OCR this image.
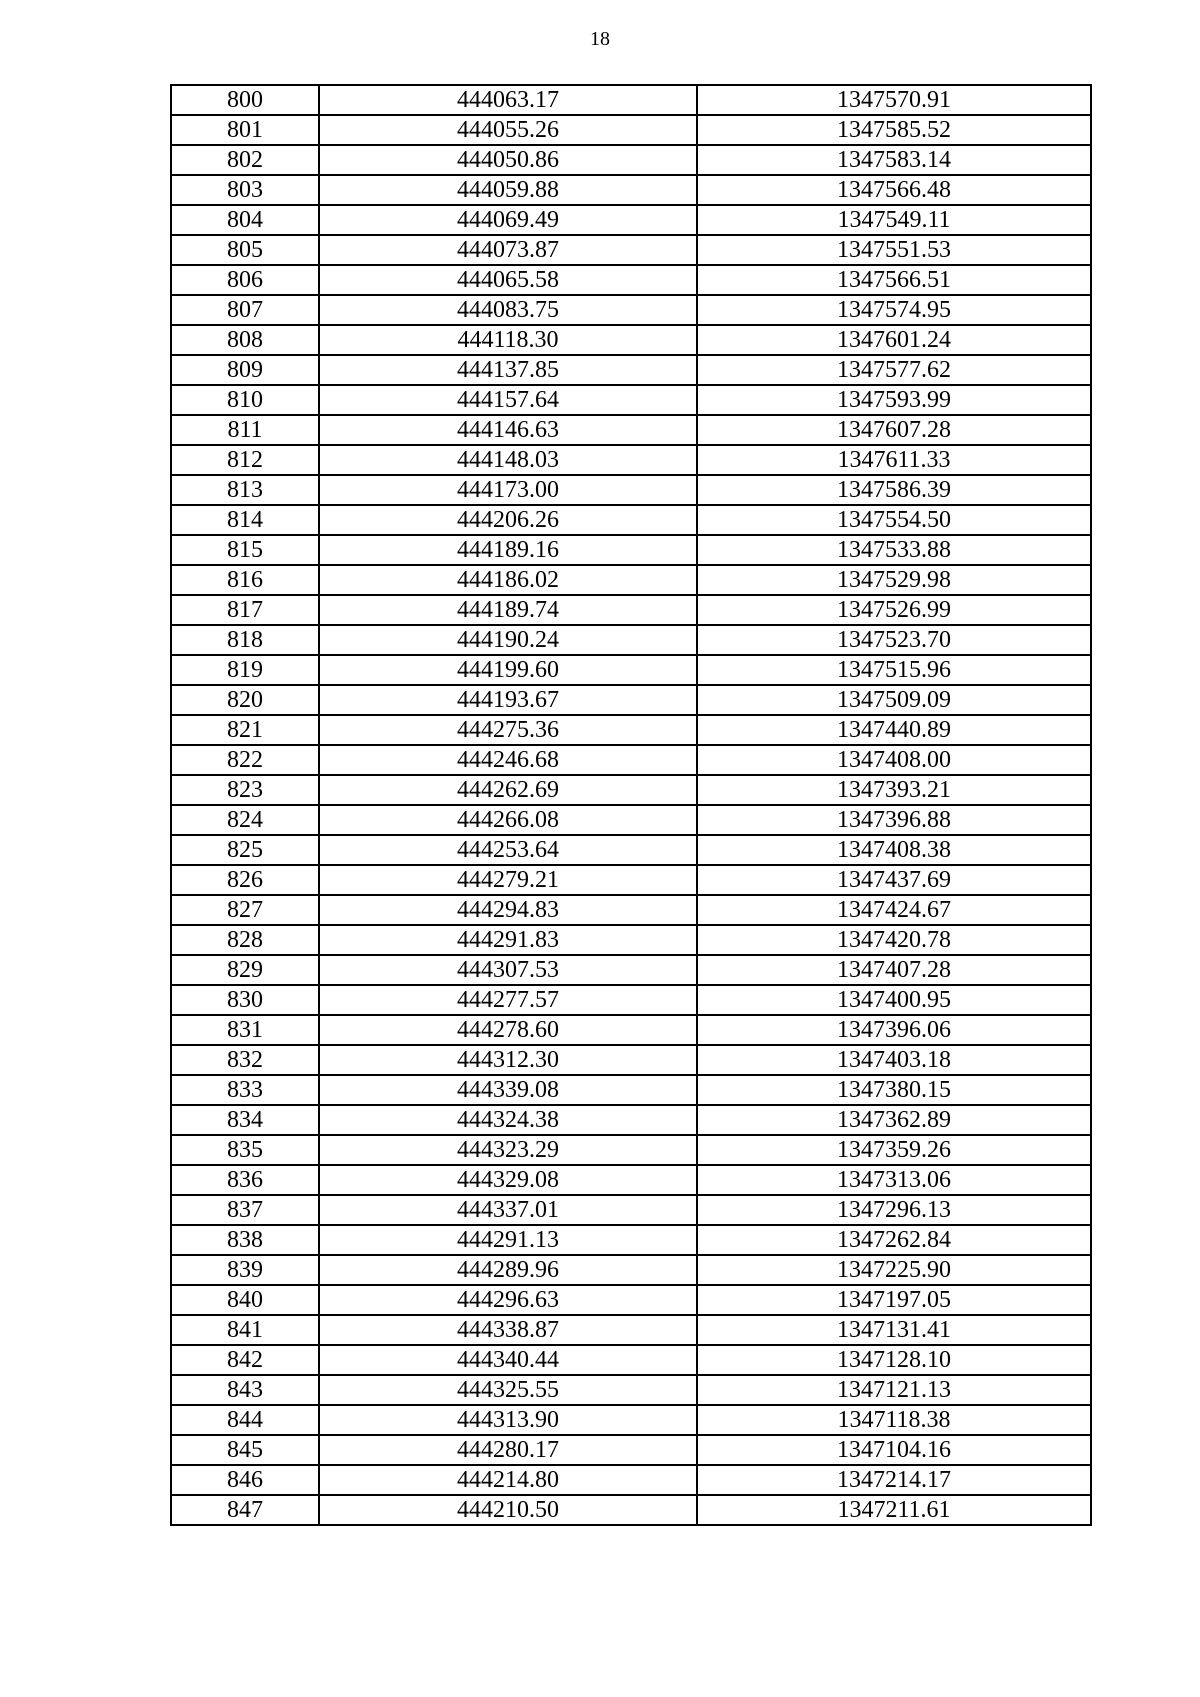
18
800	444063.17	1347570.91
801	444055.26	1347585.52
802	444050.86	1347583.14
803	444059.88	1347566.48
804	444069.49	1347549.11
805	444073.87	1347551.53
806	444065.58	1347566.51
807	444083.75	1347574.95
808	444118.30	1347601.24
809	444137.85	1347577.62
810	444157.64	1347593.99
811	444146.63	1347607.28
812	444148.03	1347611.33
813	444173.00	1347586.39
814	444206.26	1347554.50
815	444189.16	1347533.88
816	444186.02	1347529.98
817	444189.74	1347526.99
818	444190.24	1347523.70
819	444199.60	1347515.96
820	444193.67	1347509.09
821	444275.36	1347440.89
822	444246.68	1347408.00
823	444262.69	1347393.21
824	444266.08	1347396.88
825	444253.64	1347408.38
826	444279.21	1347437.69
827	444294.83	1347424.67
828	444291.83	1347420.78
829	444307.53	1347407.28
830	444277.57	1347400.95
831	444278.60	1347396.06
832	444312.30	1347403.18
833	444339.08	1347380.15
834	444324.38	1347362.89
835	444323.29	1347359.26
836	444329.08	1347313.06
837	444337.01	1347296.13
838	444291.13	1347262.84
839	444289.96	1347225.90
840	444296.63	1347197.05
841	444338.87	1347131.41
842	444340.44	1347128.10
843	444325.55	1347121.13
844	444313.90	1347118.38
845	444280.17	1347104.16
846	444214.80	1347214.17
847	444210.50	1347211.61
